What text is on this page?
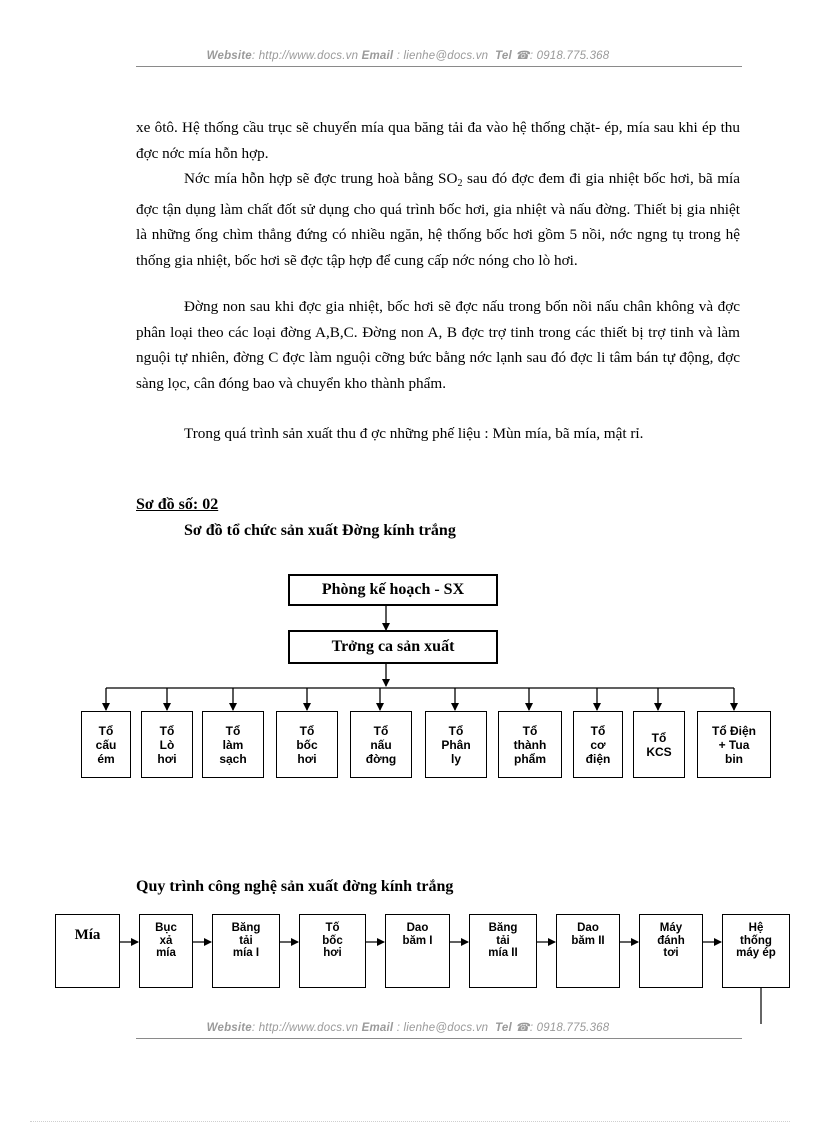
Website: http://www.docs.vn Email : lienhe@docs.vn Tel ☎: 0918.775.368

xe ôtô. Hệ thống cầu trục sẽ chuyển mía qua băng tải đa vào hệ thống chặt- ép, mía sau khi ép thu đợc nớc mía hỗn hợp.

Nớc mía hỗn hợp sẽ đợc trung hoà bằng $SO_2$ sau đó đợc đem đi gia nhiệt bốc hơi, bã mía đợc tận dụng làm chất đốt sử dụng cho quá trình bốc hơi, gia nhiệt và nấu đờng. Thiết bị gia nhiệt là những ống chìm thẳng đứng có nhiều ngăn, hệ thống bốc hơi gồm 5 nồi, nớc ngng tụ trong hệ thống gia nhiệt, bốc hơi sẽ đợc tập hợp để cung cấp nớc nóng cho lò hơi.

Đờng non sau khi đợc gia nhiệt, bốc hơi sẽ đợc nấu trong bốn nồi nấu chân không và đợc phân loại theo các loại đờng A,B,C. Đờng non A, B đợc trợ tinh trong các thiết bị trợ tinh và làm nguội tự nhiên, đờng C đợc làm nguội cỡng bức bằng nớc lạnh sau đó đợc li tâm bán tự động, đợc sàng lọc, cân đóng bao và chuyển kho thành phẩm.

Trong quá trình sản xuất thu đ ợc những phế liệu : Mùn mía, bã mía, mật rỉ.

Sơ đồ số: 02

Sơ đồ tổ chức sản xuất Đờng kính trắng

Phòng kế hoạch - SX
Trởng ca sản xuất
Tổ
cấu
ém
Tổ
Lò
hơi
Tổ
làm
sạch
Tổ
bốc
hơi
Tổ
nấu
đờng
Tổ
Phân
ly
Tổ
thành
phẩm
Tổ
cơ
điện
Tổ
KCS
Tổ Điện
+ Tua
bin

Quy trình công nghệ sản xuất đờng kính trắng

Mía	Bục
xả
mía
Băng
tải
mía I
Tố
bốc
hơi
Dao
băm I
Băng
tải
mía II
Dao
băm II
Máy
đánh
tơi
Hệ
thống
máy ép
Website: http://www.docs.vn Email : lienhe@docs.vn Tel ☎: 0918.775.368
